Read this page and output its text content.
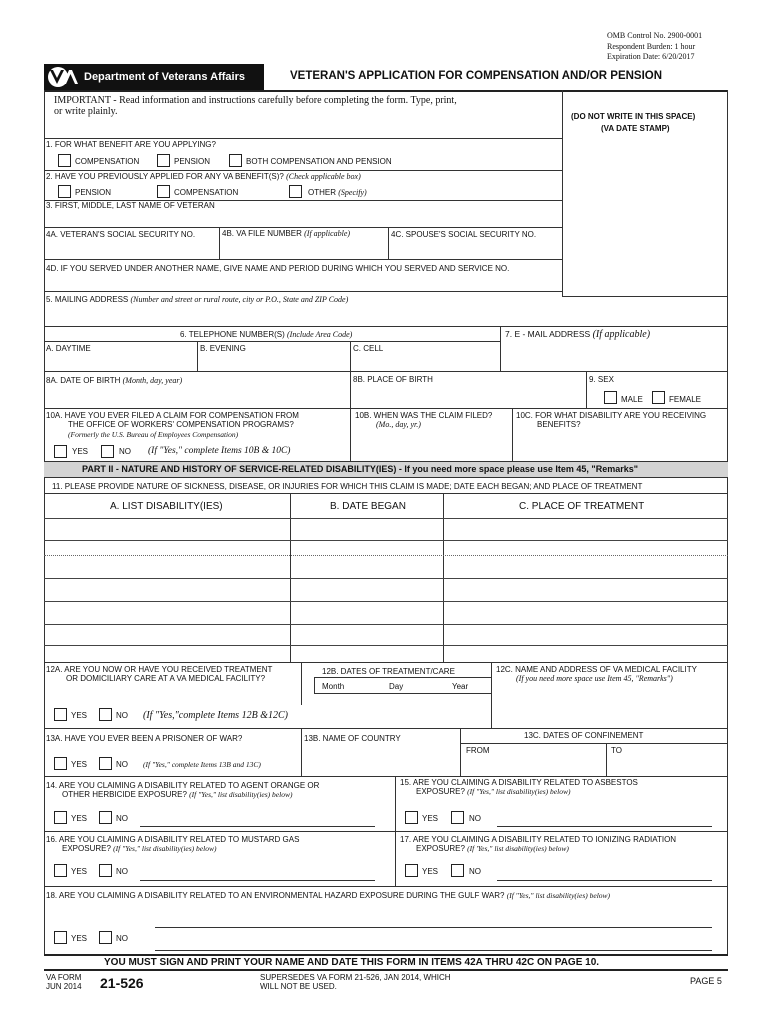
OMB Control No. 2900-0001
Respondent Burden: 1 hour
Expiration Date: 6/20/2017
Department of Veterans Affairs	VETERAN'S APPLICATION FOR COMPENSATION AND/OR PENSION
IMPORTANT - Read information and instructions carefully before completing the form. Type, print,
or write plainly.	(DO NOT WRITE IN THIS SPACE)
(VA DATE STAMP)
1. FOR WHAT BENEFIT ARE YOU APPLYING?
COMPENSATION	PENSION	BOTH COMPENSATION AND PENSION
2. HAVE YOU PREVIOUSLY APPLIED FOR ANY VA BENEFIT(S)? (Check applicable box)
PENSION	COMPENSATION	OTHER (Specify)
3. FIRST, MIDDLE, LAST NAME OF VETERAN
4A. VETERAN'S SOCIAL SECURITY NO.	4B. VA FILE NUMBER (If applicable)	4C. SPOUSE'S SOCIAL SECURITY NO.
4D. IF YOU SERVED UNDER ANOTHER NAME, GIVE NAME AND PERIOD DURING WHICH YOU SERVED AND SERVICE NO.
5. MAILING ADDRESS (Number and street or rural route, city or P.O., State and ZIP Code)
6. TELEPHONE NUMBER(S) (Include Area Code)	7. E - MAIL ADDRESS (If applicable)
A. DAYTIME	B. EVENING	C. CELL
8A. DATE OF BIRTH (Month, day, year)	8B. PLACE OF BIRTH	9. SEX
MALE	FEMALE
10A. HAVE YOU EVER FILED A CLAIM FOR COMPENSATION FROM
THE OFFICE OF WORKERS' COMPENSATION PROGRAMS?
(Formerly the U.S. Bureau of Employees Compensation)
YES	NO (If "Yes," complete Items 10B & 10C)
10B. WHEN WAS THE CLAIM FILED?
(Mo., day, yr.)
10C. FOR WHAT DISABILITY ARE YOU RECEIVING
BENEFITS?
PART II - NATURE AND HISTORY OF SERVICE-RELATED DISABILITY(IES) - If you need more space please use Item 45, "Remarks"
11. PLEASE PROVIDE NATURE OF SICKNESS, DISEASE, OR INJURIES FOR WHICH THIS CLAIM IS MADE; DATE EACH BEGAN; AND PLACE OF TREATMENT
A. LIST DISABILITY(IES)	B. DATE BEGAN	C. PLACE OF TREATMENT
12A. ARE YOU NOW OR HAVE YOU RECEIVED TREATMENT
OR DOMICILIARY CARE AT A VA MEDICAL FACILITY?
12B. DATES OF TREATMENT/CARE
Month	Day	Year
12C. NAME AND ADDRESS OF VA MEDICAL FACILITY
(If you need more space use Item 45, "Remarks")
YES	NO (If "Yes,"complete Items 12B &12C)
13A. HAVE YOU EVER BEEN A PRISONER OF WAR?	13B. NAME OF COUNTRY	13C. DATES OF CONFINEMENT
FROM	TO
YES	NO (If "Yes," complete Items 13B and 13C)
14. ARE YOU CLAIMING A DISABILITY RELATED TO AGENT ORANGE OR
OTHER HERBICIDE EXPOSURE? (If "Yes," list disability(ies) below)
15. ARE YOU CLAIMING A DISABILITY RELATED TO ASBESTOS
EXPOSURE? (If "Yes," list disability(ies) below)
YES	NO	YES	NO
16. ARE YOU CLAIMING A DISABILITY RELATED TO MUSTARD GAS
EXPOSURE? (If "Yes," list disability(ies) below)
17. ARE YOU CLAIMING A DISABILITY RELATED TO IONIZING RADIATION
EXPOSURE? (If 'Yes," list disability(ies) below)
YES	NO	YES	NO
18. ARE YOU CLAIMING A DISABILITY RELATED TO AN ENVIRONMENTAL HAZARD EXPOSURE DURING THE GULF WAR? (If "Yes," list disability(ies) below)
YES	NO
YOU MUST SIGN AND PRINT YOUR NAME AND DATE THIS FORM IN ITEMS 42A THRU 42C ON PAGE 10.
VA FORM
JUN 2014 21-526	SUPERSEDES VA FORM 21-526, JAN 2014, WHICH
WILL NOT BE USED.
PAGE 5
